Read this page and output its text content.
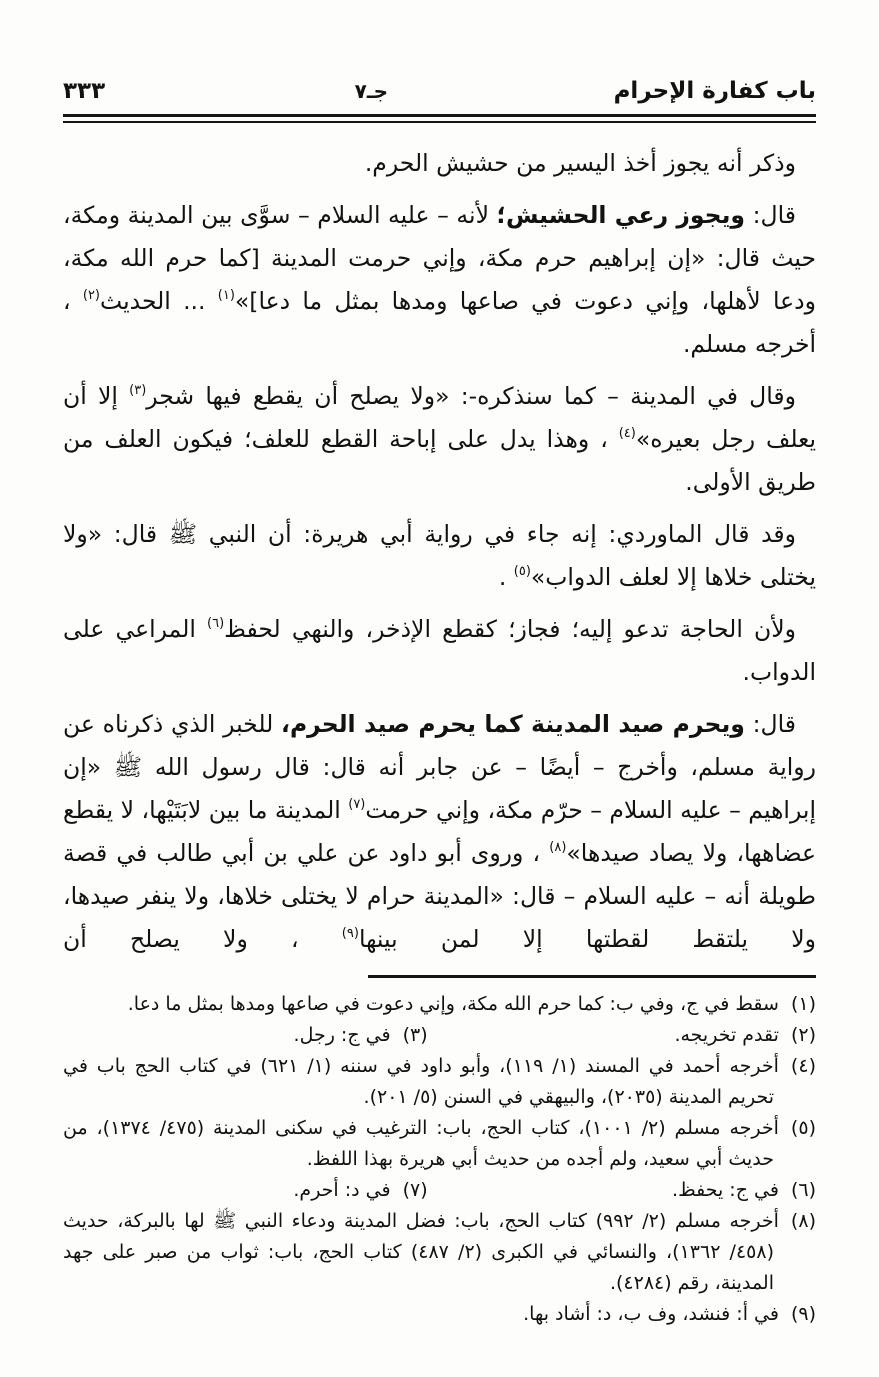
باب كفارة الإحرام
جـ٧
٣٣٣

وذكر أنه يجوز أخذ اليسير من حشيش الحرم.

قال: ويجوز رعي الحشيش؛ لأنه – عليه السلام – سوَّى بين المدينة ومكة، حيث قال: «إن إبراهيم حرم مكة، وإني حرمت المدينة [كما حرم الله مكة، ودعا لأهلها، وإني دعوت في صاعها ومدها بمثل ما دعا]»$^{(١)}$ ... الحديث$^{(٢)}$ ، أخرجه مسلم.

وقال في المدينة – كما سنذكره-: «ولا يصلح أن يقطع فيها شجر$^{(٣)}$ إلا أن يعلف رجل بعيره»$^{(٤)}$ ، وهذا يدل على إباحة القطع للعلف؛ فيكون العلف من طريق الأولى.

وقد قال الماوردي: إنه جاء في رواية أبي هريرة: أن النبي ﷺ قال: «ولا يختلى خلاها إلا لعلف الدواب»$^{(٥)}$ .

ولأن الحاجة تدعو إليه؛ فجاز؛ كقطع الإذخر، والنهي لحفظ$^{(٦)}$ المراعي على الدواب.

قال: ويحرم صيد المدينة كما يحرم صيد الحرم، للخبر الذي ذكرناه عن رواية مسلم، وأخرج – أيضًا – عن جابر أنه قال: قال رسول الله ﷺ «إن إبراهيم – عليه السلام – حرّم مكة، وإني حرمت$^{(٧)}$ المدينة ما بين لابَتَيْها، لا يقطع عضاهها، ولا يصاد صيدها»$^{(٨)}$ ، وروى أبو داود عن علي بن أبي طالب في قصة طويلة أنه – عليه السلام – قال: «المدينة حرام لا يختلى خلاها، ولا ينفر صيدها، ولا يلتقط لقطتها إلا لمن بينها$^{(٩)}$ ، ولا يصلح أن

(١)سقط في ج، وفي ب: كما حرم الله مكة، وإني دعوت في صاعها ومدها بمثل ما دعا.
(٢)تقدم تخريجه.
(٣)في ج: رجل.
(٤)أخرجه أحمد في المسند (١/ ١١٩)، وأبو داود في سننه (١/ ٦٢١) في كتاب الحج باب في تحريم المدينة (٢٠٣٥)، والبيهقي في السنن (٥/ ٢٠١).
(٥)أخرجه مسلم (٢/ ١٠٠١)، كتاب الحج، باب: الترغيب في سكنى المدينة (٤٧٥/ ١٣٧٤)، من حديث أبي سعيد، ولم أجده من حديث أبي هريرة بهذا اللفظ.
(٦)في ج: يحفظ.
(٧)في د: أحرم.
(٨)أخرجه مسلم (٢/ ٩٩٢) كتاب الحج، باب: فضل المدينة ودعاء النبي ﷺ لها بالبركة، حديث (٤٥٨/ ١٣٦٢)، والنسائي في الكبرى (٢/ ٤٨٧) كتاب الحج، باب: ثواب من صبر على جهد المدينة، رقم (٤٢٨٤).
(٩)في أ: فنشد، وف ب، د: أشاد بها.
